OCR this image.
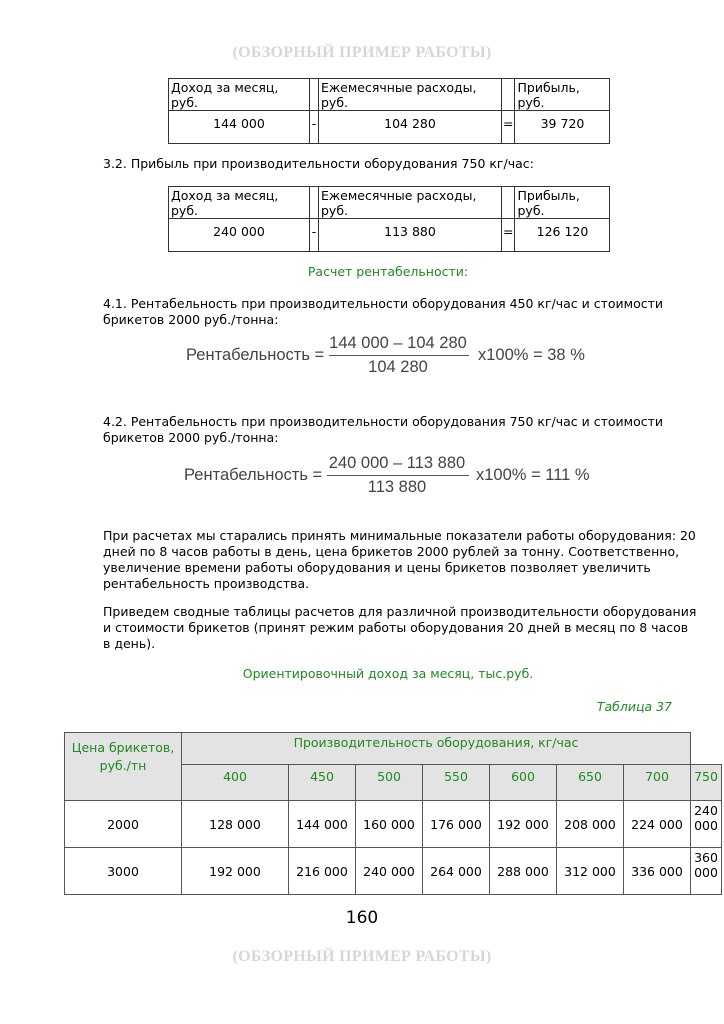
(ОБЗОРНЫЙ ПРИМЕР РАБОТЫ)
Доход за месяц, руб.		Ежемесячные расходы, руб.		Прибыль, руб.
144 000	-	104 280	=	39 720
3.2. Прибыль при производительности оборудования 750 кг/час:
Доход за месяц, руб.		Ежемесячные расходы, руб.		Прибыль, руб.
240 000	-	113 880	=	126 120
Расчет рентабельности:
4.1. Рентабельность при производительности оборудования 450 кг/час и стоимости
брикетов 2000 руб./тонна:
Рентабельность =
144 000 – 104 280
104 280
x100% = 38 %
4.2. Рентабельность при производительности оборудования 750 кг/час и стоимости
брикетов 2000 руб./тонна:
Рентабельность =
240 000 – 113 880
113 880
x100% = 111 %
При расчетах мы старались принять минимальные показатели работы оборудования: 20
дней по 8 часов работы в день, цена брикетов 2000 рублей за тонну. Соответственно,
увеличение времени работы оборудования и цены брикетов позволяет увеличить
рентабельность производства.
Приведем сводные таблицы расчетов для различной производительности оборудования
и стоимости брикетов (принят режим работы оборудования 20 дней в месяц по 8 часов
в день).
Ориентировочный доход за месяц, тыс.руб.
Таблица 37
Цена брикетов,
руб./тн	Производительность оборудования, кг/час							
	400	450	500	550	600	650	700	750
2000	128 000	144 000	160 000	176 000	192 000	208 000	224 000	240
000

3000	192 000	216 000	240 000	264 000	288 000	312 000	336 000	360
000
160
(ОБЗОРНЫЙ ПРИМЕР РАБОТЫ)
